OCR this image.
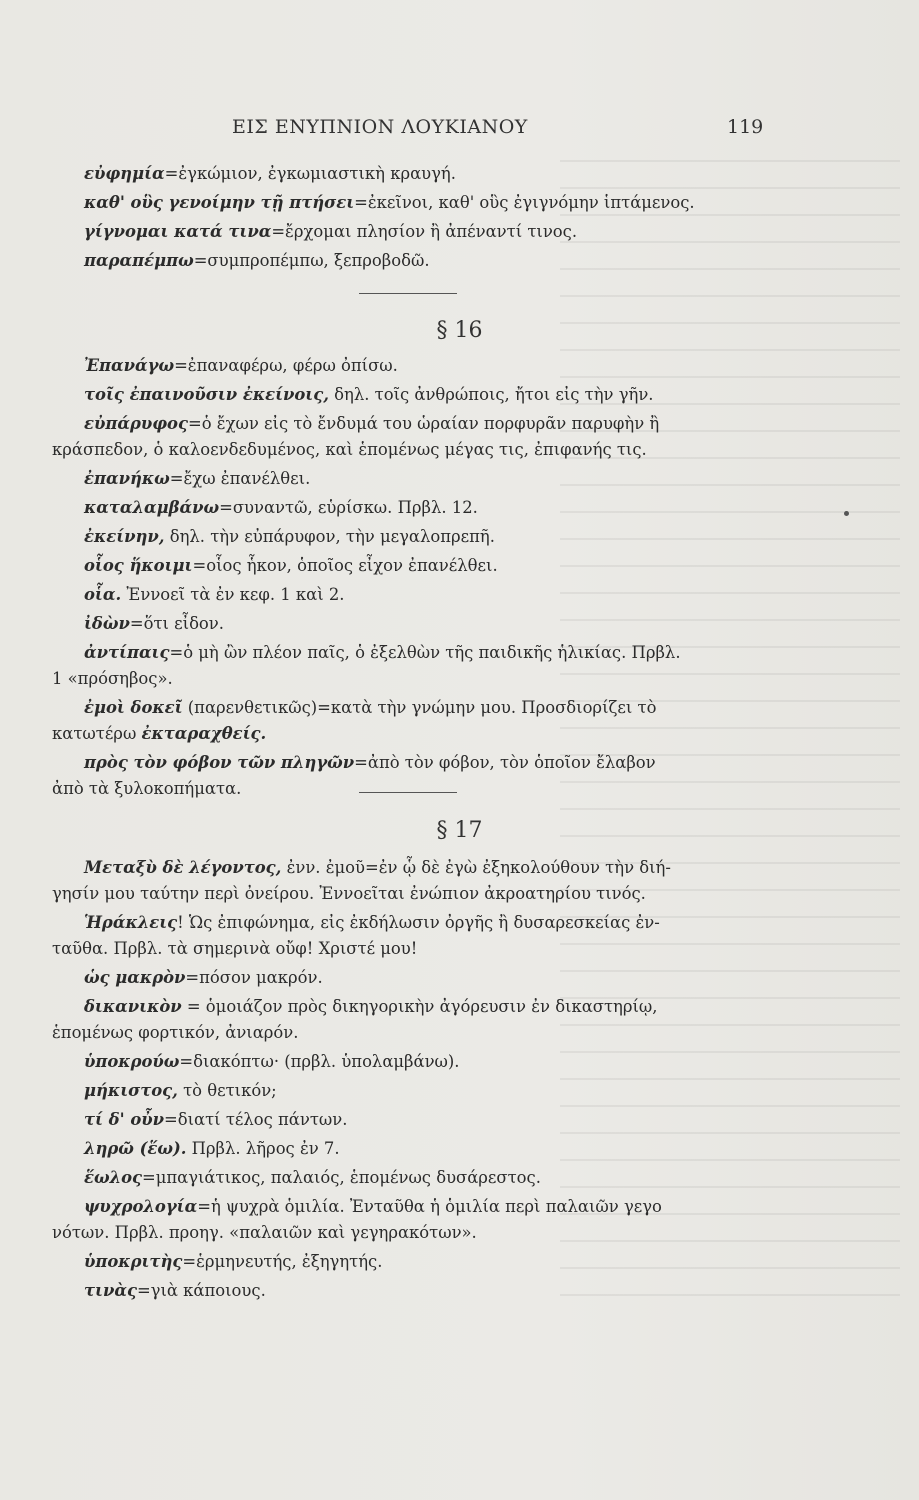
ΕΙΣ ΕΝΥΠΝΙΟΝ ΛΟΥΚΙΑΝΟΥ	119
εὐφημία=ἐγκώμιον, ἐγκωμιαστικὴ κραυγή.
καθ' οὓς γενοίμην τῇ πτήσει=ἐκεῖνοι, καθ' οὓς ἐγιγνόμην ἱπτάμενος.
γίγνομαι κατά τινα=ἔρχομαι πλησίον ἢ ἀπέναντί τινος.
παραπέμπω=συμπροπέμπω, ξεπροβοδῶ.
§ 16
Ἐπανάγω=ἐπαναφέρω, φέρω ὀπίσω.
τοῖς ἐπαινοῦσιν ἐκείνοις, δηλ. τοῖς ἀνθρώποις, ἤτοι εἰς τὴν γῆν.
εὐπάρυφος=ὁ ἔχων εἰς τὸ ἔνδυμά του ὡραίαν πορφυρᾶν παρυφὴν ἢ
κράσπεδον, ὁ καλοενδεδυμένος, καὶ ἑπομένως μέγας τις, ἐπιφανής τις.
ἐπανήκω=ἔχω ἐπανέλθει.
καταλαμβάνω=συναντῶ, εὑρίσκω. Πρβλ. 12.
ἐκείνην, δηλ. τὴν εὐπάρυφον, τὴν μεγαλοπρεπῆ.
οἷος ἥκοιμι=οἷος ἧκον, ὁποῖος εἶχον ἐπανέλθει.
οἷα. Ἐννοεῖ τὰ ἐν κεφ. 1 καὶ 2.
ἰδὼν=ὅτι εἶδον.
ἀντίπαις=ὁ μὴ ὢν πλέον παῖς, ὁ ἐξελθὼν τῆς παιδικῆς ἡλικίας. Πρβλ.
1 «πρόσηβος».
ἐμοὶ δοκεῖ (παρενθετικῶς)=κατὰ τὴν γνώμην μου. Προσδιορίζει τὸ
κατωτέρω ἐκταραχθείς.
πρὸς τὸν φόβον τῶν πληγῶν=ἀπὸ τὸν φόβον, τὸν ὁποῖον ἔλαβον
ἀπὸ τὰ ξυλοκοπήματα.
§ 17
Μεταξὺ δὲ λέγοντος, ἐνν. ἐμοῦ=ἐν ᾧ δὲ ἐγὼ ἐξηκολούθουν τὴν διή-
γησίν μου ταύτην περὶ ὀνείρου. Ἐννοεῖται ἐνώπιον ἀκροατηρίου τινός.
Ἡράκλεις! Ὡς ἐπιφώνημα, εἰς ἐκδήλωσιν ὀργῆς ἢ δυσαρεσκείας ἐν-
ταῦθα. Πρβλ. τὰ σημερινὰ οὔφ! Χριστέ μου!
ὡς μακρὸν=πόσον μακρόν.
δικανικὸν = ὁμοιάζον πρὸς δικηγορικὴν ἀγόρευσιν ἐν δικαστηρίῳ,
ἑπομένως φορτικόν, ἀνιαρόν.
ὑποκρούω=διακόπτω· (πρβλ. ὑπολαμβάνω).
μήκιστος, τὸ θετικόν;
τί δ' οὖν=διατί τέλος πάντων.
ληρῶ (ἕω). Πρβλ. λῆρος ἐν 7.
ἕωλος=μπαγιάτικος, παλαιός, ἑπομένως δυσάρεστος.
ψυχρολογία=ἡ ψυχρὰ ὁμιλία. Ἐνταῦθα ἡ ὁμιλία περὶ παλαιῶν γεγο
νότων. Πρβλ. προηγ. «παλαιῶν καὶ γεγηρακότων».
ὑποκριτὴς=ἑρμηνευτής, ἐξηγητής.
τινὰς=γιὰ κάποιους.
